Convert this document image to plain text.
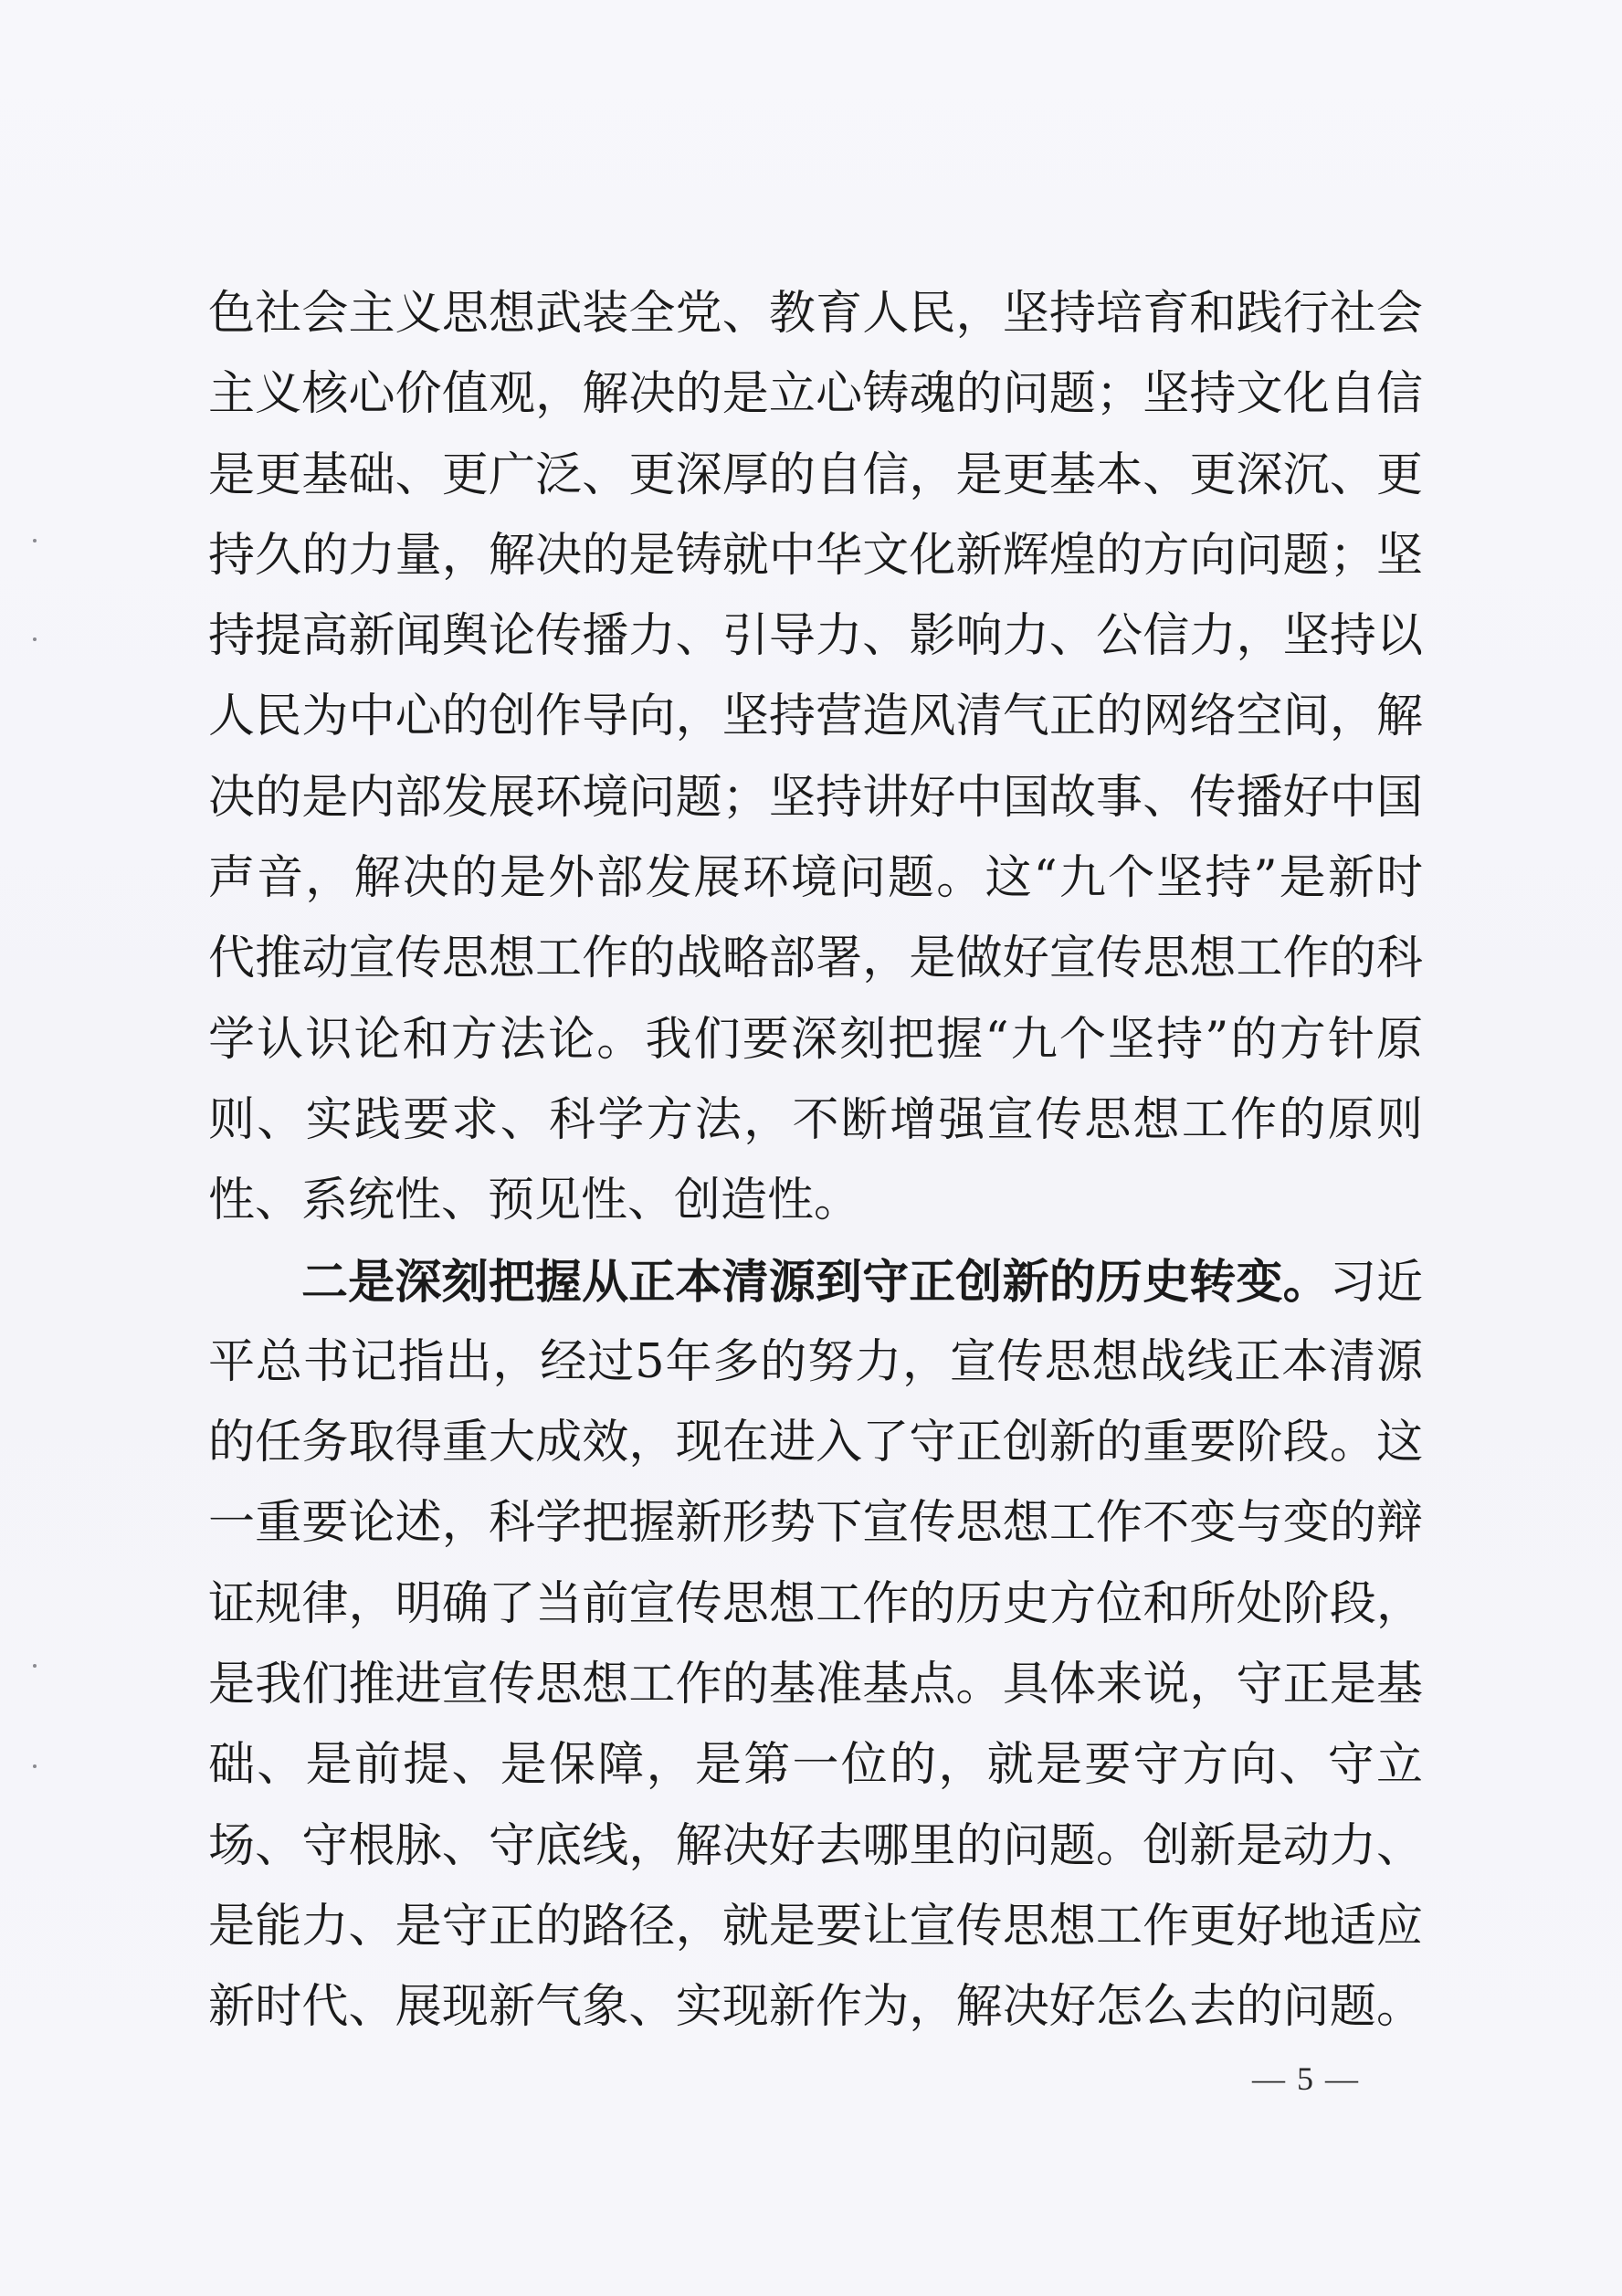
色社会主义思想武装全党、教育人民，坚持培育和践行社会
主义核心价值观，解决的是立心铸魂的问题；坚持文化自信
是更基础、更广泛、更深厚的自信，是更基本、更深沉、更
持久的力量，解决的是铸就中华文化新辉煌的方向问题；坚
持提高新闻舆论传播力、引导力、影响力、公信力，坚持以
人民为中心的创作导向，坚持营造风清气正的网络空间，解
决的是内部发展环境问题；坚持讲好中国故事、传播好中国
声音，解决的是外部发展环境问题。这“九个坚持”是新时
代推动宣传思想工作的战略部署，是做好宣传思想工作的科
学认识论和方法论。我们要深刻把握“九个坚持”的方针原
则、实践要求、科学方法，不断增强宣传思想工作的原则
性、系统性、预见性、创造性。
二是深刻把握从正本清源到守正创新的历史转变。习近
平总书记指出，经过5年多的努力，宣传思想战线正本清源
的任务取得重大成效，现在进入了守正创新的重要阶段。这
一重要论述，科学把握新形势下宣传思想工作不变与变的辩
证规律，明确了当前宣传思想工作的历史方位和所处阶段，
是我们推进宣传思想工作的基准基点。具体来说，守正是基
础、是前提、是保障，是第一位的，就是要守方向、守立
场、守根脉、守底线，解决好去哪里的问题。创新是动力、
是能力、是守正的路径，就是要让宣传思想工作更好地适应
新时代、展现新气象、实现新作为，解决好怎么去的问题。
— 5 —
